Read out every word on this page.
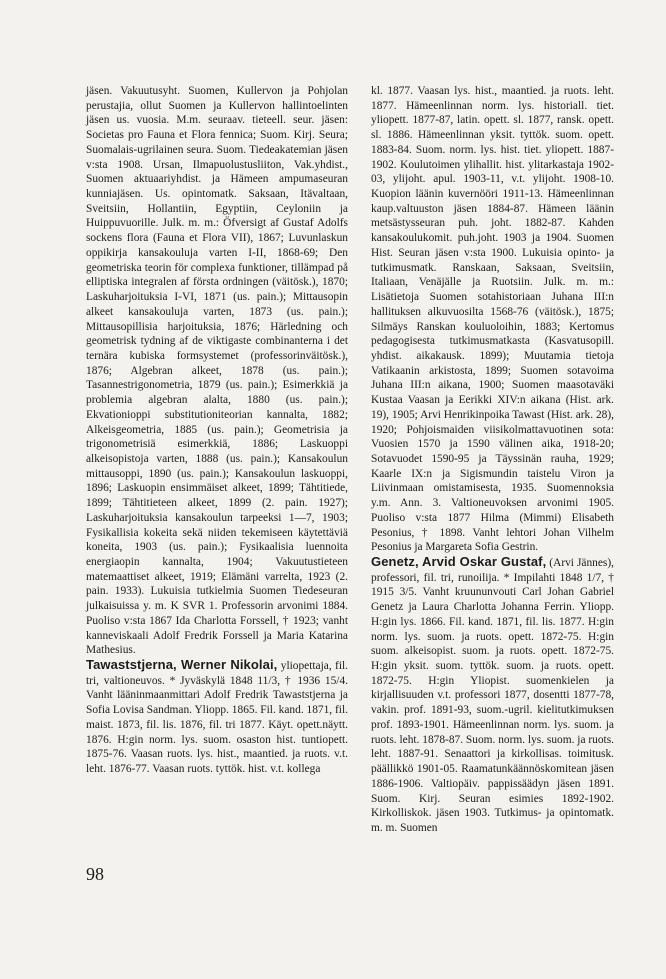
jäsen. Vakuutusyht. Suomen, Kullervon ja Pohjolan perustajia, ollut Suomen ja Kullervon hallintoelinten jäsen us. vuosia. M.m. seuraav. tieteell. seur. jäsen: Societas pro Fauna et Flora fennica; Suom. Kirj. Seura; Suomalais-ugrilainen seura. Suom. Tiedeakatemian jäsen v:sta 1908. Ursan, Ilmapuolustusliiton, Vak.yhdist., Suomen aktuaariyhdist. ja Hämeen ampumaseuran kunniajäsen. Us. opintomatk. Saksaan, Itävaltaan, Sveitsiin, Hollantiin, Egyptiin, Ceyloniin ja Huippuvuorille. Julk. m. m.: Öfversigt af Gustaf Adolfs sockens flora (Fauna et Flora VII), 1867; Luvunlaskun oppikirja kansakouluja varten I-II, 1868-69; Den geometriska teorin för complexa funktioner, tillämpad på elliptiska integralen af första ordningen (väitösk.), 1870; Laskuharjoituksia I-VI, 1871 (us. pain.); Mittausopin alkeet kansakouluja varten, 1873 (us. pain.); Mittausopillisia harjoituksia, 1876; Härledning och geometrisk tydning af de viktigaste combinanterna i det ternära kubiska formsystemet (professorinväitösk.), 1876; Algebran alkeet, 1878 (us. pain.); Tasannestrigonometria, 1879 (us. pain.); Esimerkkiä ja problemia algebran alalta, 1880 (us. pain.); Ekvationioppi substitutioniteorian kannalta, 1882; Alkeisgeometria, 1885 (us. pain.); Geometrisia ja trigonometrisiä esimerkkiä, 1886; Laskuoppi alkeisopistoja varten, 1888 (us. pain.); Kansakoulun mittausoppi, 1890 (us. pain.); Kansakoulun laskuoppi, 1896; Laskuopin ensimmäiset alkeet, 1899; Tähtitiede, 1899; Tähtitieteen alkeet, 1899 (2. pain. 1927); Laskuharjoituksia kansakoulun tarpeeksi 1—7, 1903; Fysikallisia kokeita sekä niiden tekemiseen käytettäviä koneita, 1903 (us. pain.); Fysikaalisia luennoita energiaopin kannalta, 1904; Vakuutustieteen matemaattiset alkeet, 1919; Elämäni varrelta, 1923 (2. pain. 1933). Lukuisia tutkielmia Suomen Tiedeseuran julkaisuissa y. m. K SVR 1. Professorin arvonimi 1884. Puoliso v:sta 1867 Ida Charlotta Forssell, † 1923; vanht kanneviskaali Adolf Fredrik Forssell ja Maria Katarina Mathesius.

Tawaststjerna, Werner Nikolai, yliopettaja, fil. tri, valtioneuvos. * Jyväskylä 1848 11/3, † 1936 15/4. Vanht lääninmaanmittari Adolf Fredrik Tawaststjerna ja Sofia Lovisa Sandman. Yliopp. 1865. Fil. kand. 1871, fil. maist. 1873, fil. lis. 1876, fil. tri 1877. Käyt. opett.näytt. 1876. H:gin norm. lys. suom. osaston hist. tuntiopett. 1875-76. Vaasan ruots. lys. hist., maantied. ja ruots. v.t. leht. 1876-77. Vaasan ruots. tyttök. hist. v.t. kollega

kl. 1877. Vaasan lys. hist., maantied. ja ruots. leht. 1877. Hämeenlinnan norm. lys. historiall. tiet. yliopett. 1877-87, latin. opett. sl. 1877, ransk. opett. sl. 1886. Hämeenlinnan yksit. tyttök. suom. opett. 1883-84. Suom. norm. lys. hist. tiet. yliopett. 1887-1902. Koulutoimen ylihallit. hist. ylitarkastaja 1902-03, ylijoht. apul. 1903-11, v.t. ylijoht. 1908-10. Kuopion läänin kuvernööri 1911-13. Hämeenlinnan kaup.valtuuston jäsen 1884-87. Hämeen läänin metsästysseuran puh. joht. 1882-87. Kahden kansakoulukomit. puh.joht. 1903 ja 1904. Suomen Hist. Seuran jäsen v:sta 1900. Lukuisia opinto- ja tutkimusmatk. Ranskaan, Saksaan, Sveitsiin, Italiaan, Venäjälle ja Ruotsiin. Julk. m. m.: Lisätietoja Suomen sotahistoriaan Juhana III:n hallituksen alkuvuosilta 1568-76 (väitösk.), 1875; Silmäys Ranskan kouluoloihin, 1883; Kertomus pedagogisesta tutkimusmatkasta (Kasvatusopill. yhdist. aikakausk. 1899); Muutamia tietoja Vatikaanin arkistosta, 1899; Suomen sotavoima Juhana III:n aikana, 1900; Suomen maasotaväki Kustaa Vaasan ja Eerikki XIV:n aikana (Hist. ark. 19), 1905; Arvi Henrikinpoika Tawast (Hist. ark. 28), 1920; Pohjoismaiden viisikolmattavuotinen sota: Vuosien 1570 ja 1590 välinen aika, 1918-20; Sotavuodet 1590-95 ja Täyssinän rauha, 1929; Kaarle IX:n ja Sigismundin taistelu Viron ja Liivinmaan omistamisesta, 1935. Suomennoksia y.m. Ann. 3. Valtioneuvoksen arvonimi 1905. Puoliso v:sta 1877 Hilma (Mimmi) Elisabeth Pesonius, † 1898. Vanht lehtori Johan Vilhelm Pesonius ja Margareta Sofia Gestrin.

Genetz, Arvid Oskar Gustaf, (Arvi Jännes), professori, fil. tri, runoilija. * Impilahti 1848 1/7, † 1915 3/5. Vanht kruununvouti Carl Johan Gabriel Genetz ja Laura Charlotta Johanna Ferrin. Yliopp. H:gin lys. 1866. Fil. kand. 1871, fil. lis. 1877. H:gin norm. lys. suom. ja ruots. opett. 1872-75. H:gin suom. alkeisopist. suom. ja ruots. opett. 1872-75. H:gin yksit. suom. tyttök. suom. ja ruots. opett. 1872-75. H:gin Yliopist. suomenkielen ja kirjallisuuden v.t. professori 1877, dosentti 1877-78, vakin. prof. 1891-93, suom.-ugril. kielitutkimuksen prof. 1893-1901. Hämeenlinnan norm. lys. suom. ja ruots. leht. 1878-87. Suom. norm. lys. suom. ja ruots. leht. 1887-91. Senaattori ja kirkollisas. toimitusk. päällikkö 1901-05. Raamatunkäännöskomitean jäsen 1886-1906. Valtiopäiv. pappissäädyn jäsen 1891. Suom. Kirj. Seuran esimies 1892-1902. Kirkolliskok. jäsen 1903. Tutkimus- ja opintomatk. m. m. Suomen

98
